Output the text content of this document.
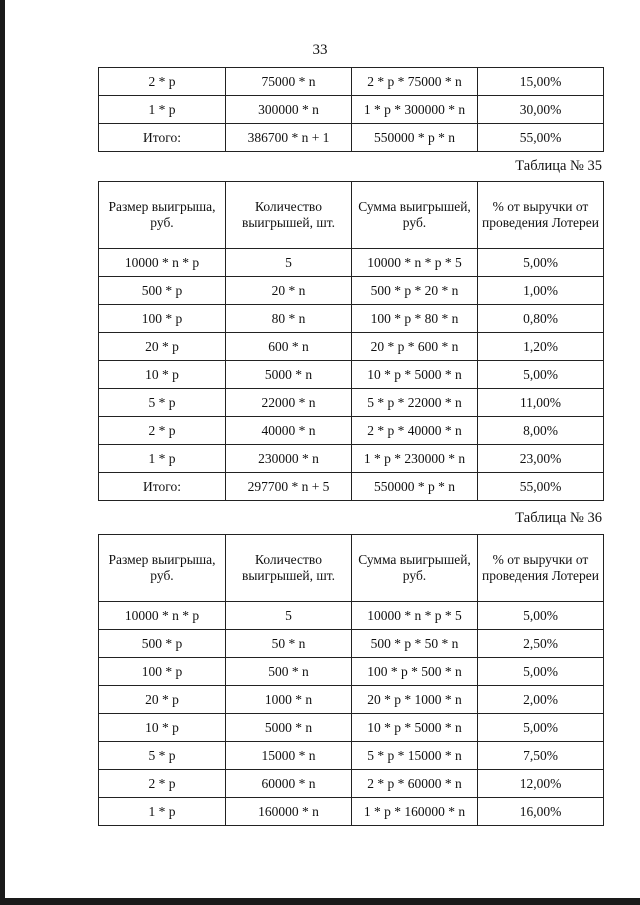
33
2 * p	75000 * n	2 * p * 75000 * n	15,00%
1 * p	300000 * n	1 * p * 300000 * n	30,00%
Итого:	386700 * n + 1	550000 * p * n	55,00%
Таблица № 35
Размер выигрыша, руб.	Количество выигрышей, шт.	Сумма выигрышей, руб.	% от выручки от проведения Лотереи
10000 * n * p	5	10000 * n * p * 5	5,00%
500 * p	20 * n	500 * p * 20 * n	1,00%
100 * p	80 * n	100 * p * 80 * n	0,80%
20 * p	600 * n	20 * p * 600 * n	1,20%
10 * p	5000 * n	10 * p * 5000 * n	5,00%
5 * p	22000 * n	5 * p * 22000 * n	11,00%
2 * p	40000 * n	2 * p * 40000 * n	8,00%
1 * p	230000 * n	1 * p * 230000 * n	23,00%
Итого:	297700 * n + 5	550000 * p * n	55,00%
Таблица № 36
Размер выигрыша, руб.	Количество выигрышей, шт.	Сумма выигрышей, руб.	% от выручки от проведения Лотереи
10000 * n * p	5	10000 * n * p * 5	5,00%
500 * p	50 * n	500 * p * 50 * n	2,50%
100 * p	500 * n	100 * p * 500 * n	5,00%
20 * p	1000 * n	20 * p * 1000 * n	2,00%
10 * p	5000 * n	10 * p * 5000 * n	5,00%
5 * p	15000 * n	5 * p * 15000 * n	7,50%
2 * p	60000 * n	2 * p * 60000 * n	12,00%
1 * p	160000 * n	1 * p * 160000 * n	16,00%
